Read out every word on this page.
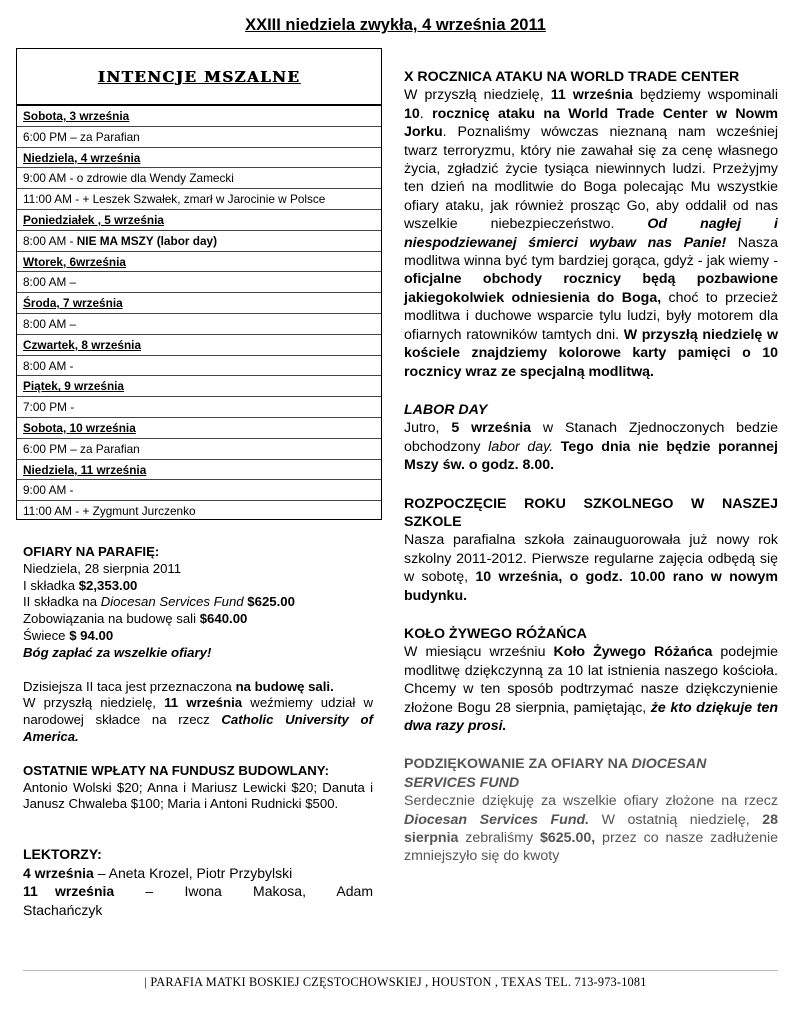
XXIII niedziela zwykła, 4 września 2011
INTENCJE MSZALNE
Sobota, 3 września
6:00 PM – za Parafian
Niedziela, 4 września
9:00 AM - o zdrowie dla Wendy Zamecki
11:00 AM - + Leszek Szwałek, zmarł w Jarocinie w Polsce
Poniedziałek , 5 września
8:00 AM - NIE MA MSZY (labor day)
Wtorek, 6września
8:00 AM –
Środa, 7 września
8:00 AM –
Czwartek, 8 września
8:00 AM -
Piątek, 9 września
7:00 PM -
Sobota, 10 września
6:00 PM – za Parafian
Niedziela, 11 września
9:00 AM -
11:00 AM - + Zygmunt Jurczenko
OFIARY NA PARAFIĘ:
Niedziela, 28 sierpnia 2011
I składka $2,353.00
II składka na Diocesan Services Fund $625.00
Zobowiązania na budowę sali $640.00
Świece $ 94.00
Bóg zapłać za wszelkie ofiary!

Dzisiejsza II taca jest przeznaczona na budowę sali.
W przyszłą niedzielę, 11 września weźmiemy udział w narodowej składce na rzecz Catholic University of America.

OSTATNIE WPŁATY NA FUNDUSZ BUDOWLANY:

Antonio Wolski $20; Anna i Mariusz Lewicki $20; Danuta i Janusz Chwaleba $100; Maria i Antoni Rudnicki $500.

LEKTORZY:
4 września – Aneta Krozel, Piotr Przybylski
11 września – Iwona Makosa, Adam Stachańczyk
X ROCZNICA ATAKU NA WORLD TRADE CENTER

W przyszłą niedzielę, 11 września będziemy wspominali 10. rocznicę ataku na World Trade Center w Nowm Jorku. Poznaliśmy wówczas nieznaną nam wcześniej twarz terroryzmu, który nie zawahał się za cenę własnego życia, zgładzić życie tysiąca niewinnych ludzi. Przeżyjmy ten dzień na modlitwie do Boga polecając Mu wszystkie ofiary ataku, jak również prosząc Go, aby oddalił od nas wszelkie niebezpieczeństwo. Od nagłej i niespodziewanej śmierci wybaw nas Panie! Nasza modlitwa winna być tym bardziej gorąca, gdyż - jak wiemy - oficjalne obchody rocznicy będą pozbawione jakiegokolwiek odniesienia do Boga, choć to przecież modlitwa i duchowe wsparcie tylu ludzi, były motorem dla ofiarnych ratowników tamtych dni. W przyszłą niedzielę w kościele znajdziemy kolorowe karty pamięci o 10 rocznicy wraz ze specjalną modlitwą.

LABOR DAY

Jutro, 5 września w Stanach Zjednoczonych bedzie obchodzony labor day. Tego dnia nie będzie porannej Mszy św. o godz. 8.00.

ROZPOCZĘCIE ROKU SZKOLNEGO W NASZEJ SZKOLE

Nasza parafialna szkoła zainauguorowała już nowy rok szkolny 2011-2012. Pierwsze regularne zajęcia odbędą się w sobotę, 10 września, o godz. 10.00 rano w nowym budynku.

KOŁO ŻYWEGO RÓŻAŃCA

W miesiącu wrześniu Koło Żywego Różańca podejmie modlitwę dziękczynną za 10 lat istnienia naszego kościoła. Chcemy w ten sposób podtrzymać nasze dziękczynienie złożone Bogu 28 sierpnia, pamiętając, że kto dziękuje ten dwa razy prosi.

PODZIĘKOWANIE ZA OFIARY NA DIOCESAN SERVICES FUND

Serdecznie dziękuję za wszelkie ofiary złożone na rzecz Diocesan Services Fund. W ostatnią niedzielę, 28 sierpnia zebraliśmy $625.00, przez co nasze zadłużenie zmniejszyło się do kwoty

| PARAFIA MATKI BOSKIEJ CZĘSTOCHOWSKIEJ , HOUSTON , TEXAS TEL. 713-973-1081
